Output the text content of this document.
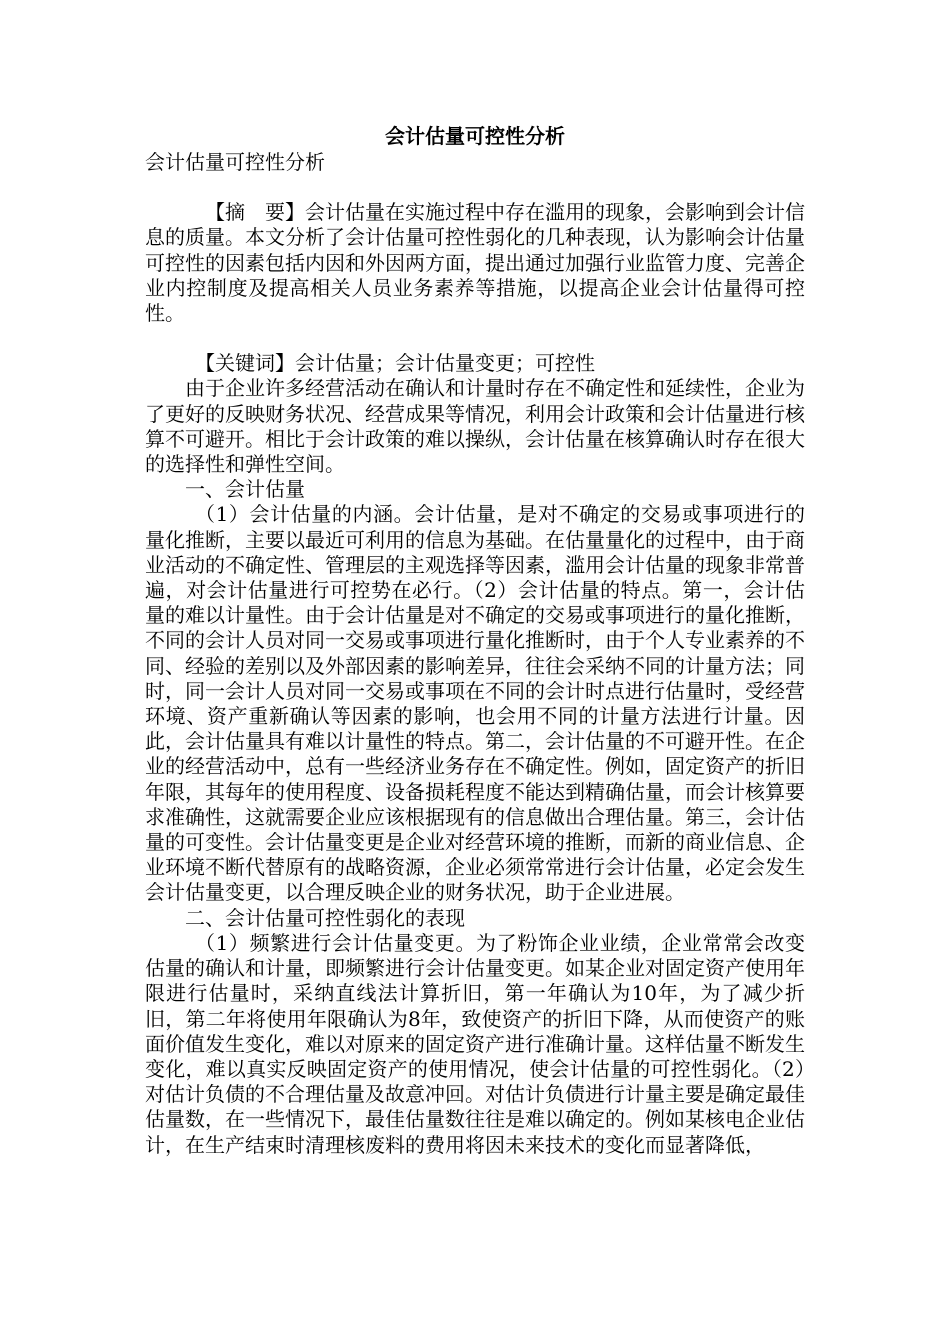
会计估量可控性分析
会计估量可控性分析

【摘　要】会计估量在实施过程中存在滥用的现象，会影响到会计信息的质量。本文分析了会计估量可控性弱化的几种表现，认为影响会计估量可控性的因素包括内因和外因两方面，提出通过加强行业监管力度、完善企业内控制度及提高相关人员业务素养等措施，以提高企业会计估量得可控性。

【关键词】会计估量；会计估量变更；可控性

由于企业许多经营活动在确认和计量时存在不确定性和延续性，企业为了更好的反映财务状况、经营成果等情况，利用会计政策和会计估量进行核算不可避开。相比于会计政策的难以操纵，会计估量在核算确认时存在很大的选择性和弹性空间。

一、会计估量

（1）会计估量的内涵。会计估量，是对不确定的交易或事项进行的量化推断，主要以最近可利用的信息为基础。在估量量化的过程中，由于商业活动的不确定性、管理层的主观选择等因素，滥用会计估量的现象非常普遍，对会计估量进行可控势在必行。（2）会计估量的特点。第一，会计估量的难以计量性。由于会计估量是对不确定的交易或事项进行的量化推断，不同的会计人员对同一交易或事项进行量化推断时，由于个人专业素养的不同、经验的差别以及外部因素的影响差异，往往会采纳不同的计量方法；同时，同一会计人员对同一交易或事项在不同的会计时点进行估量时，受经营环境、资产重新确认等因素的影响，也会用不同的计量方法进行计量。因此，会计估量具有难以计量性的特点。第二，会计估量的不可避开性。在企业的经营活动中，总有一些经济业务存在不确定性。例如，固定资产的折旧年限，其每年的使用程度、设备损耗程度不能达到精确估量，而会计核算要求准确性，这就需要企业应该根据现有的信息做出合理估量。第三，会计估量的可变性。会计估量变更是企业对经营环境的推断，而新的商业信息、企业环境不断代替原有的战略资源，企业必须常常进行会计估量，必定会发生会计估量变更，以合理反映企业的财务状况，助于企业进展。

二、会计估量可控性弱化的表现

（1）频繁进行会计估量变更。为了粉饰企业业绩，企业常常会改变估量的确认和计量，即频繁进行会计估量变更。如某企业对固定资产使用年限进行估量时，采纳直线法计算折旧，第一年确认为10年，为了减少折旧，第二年将使用年限确认为8年，致使资产的折旧下降，从而使资产的账面价值发生变化，难以对原来的固定资产进行准确计量。这样估量不断发生变化，难以真实反映固定资产的使用情况，使会计估量的可控性弱化。（2）对估计负债的不合理估量及故意冲回。对估计负债进行计量主要是确定最佳估量数，在一些情况下，最佳估量数往往是难以确定的。例如某核电企业估计，在生产结束时清理核废料的费用将因未来技术的变化而显著降低，
